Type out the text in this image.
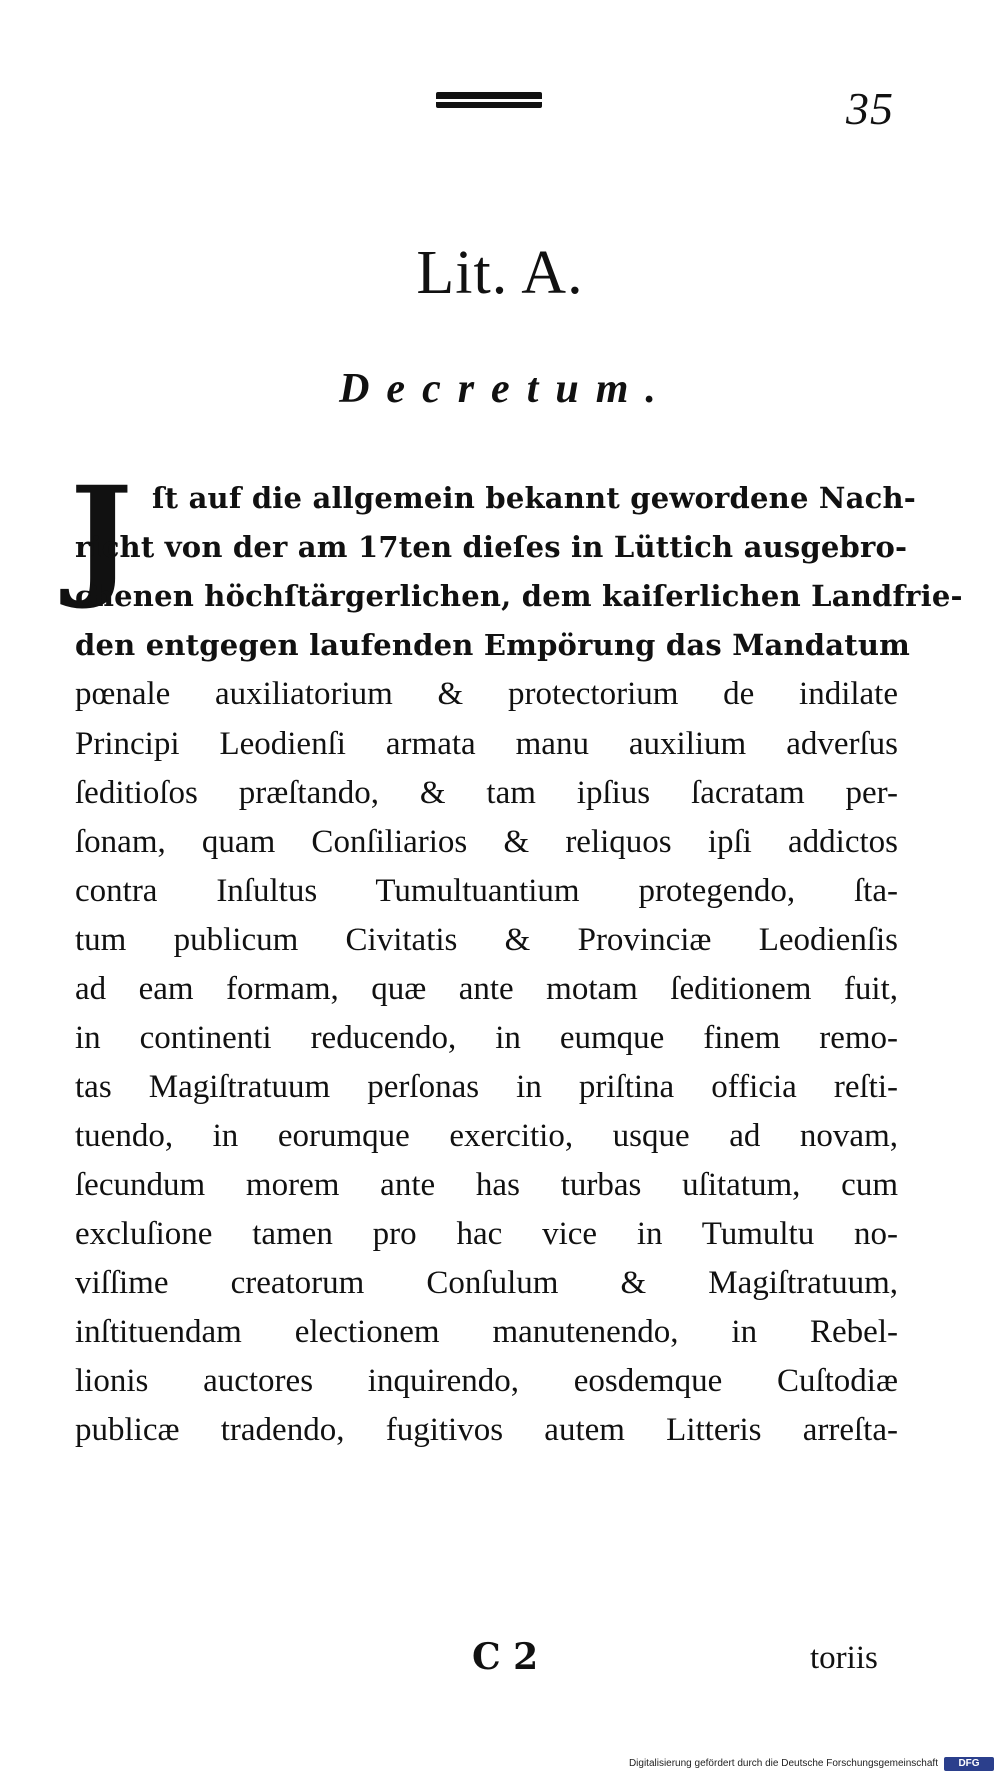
35
Lit. A.
Decretum.
J ſt auf die allgemein bekannt gewordene Nach-
richt von der am 17ten dieſes in Lüttich ausgebro-
chenen höchſtärgerlichen, dem kaiſerlichen Landfrie-
den entgegen laufenden Empörung das Mandatum
pœnale auxiliatorium & protectorium de indilate
Principi Leodienſi armata manu auxilium adverſus
ſeditioſos præſtando, & tam ipſius ſacratam per-
ſonam, quam Conſiliarios & reliquos ipſi addictos
contra Inſultus Tumultuantium protegendo, ſta-
tum publicum Civitatis & Provinciæ Leodienſis
ad eam formam, quæ ante motam ſeditionem fuit,
in continenti reducendo, in eumque finem remo-
tas Magiſtratuum perſonas in priſtina officia reſti-
tuendo, in eorumque exercitio, usque ad novam,
ſecundum morem ante has turbas uſitatum, cum
excluſione tamen pro hac vice in Tumultu no-
viſſime creatorum Conſulum & Magiſtratuum,
inſtituendam electionem manutenendo, in Rebel-
lionis auctores inquirendo, eosdemque Cuſtodiæ
publicæ tradendo, fugitivos autem Litteris arreſta-
C 2	toriis
Digitalisierung gefördert durch die Deutsche Forschungsgemeinschaft	DFG
